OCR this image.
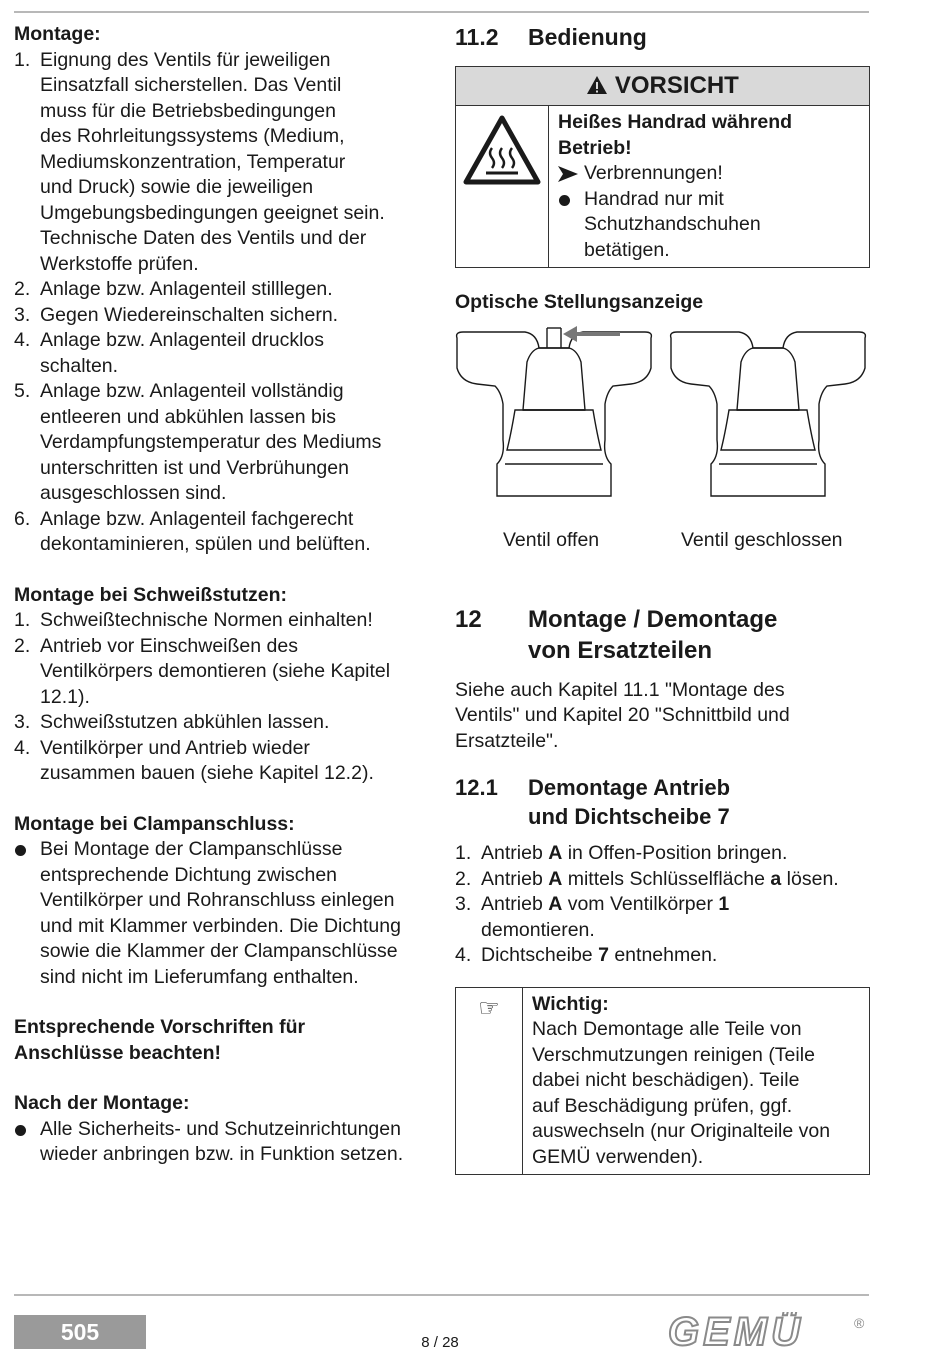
Montage:
1. Eignung des Ventils für jeweiligen
Einsatzfall sicherstellen. Das Ventil
muss für die Betriebsbedingungen
des Rohrleitungssystems (Medium,
Mediumskonzentration, Temperatur
und Druck) sowie die jeweiligen
Umgebungsbedingungen geeignet sein.
Technische Daten des Ventils und der
Werkstoffe prüfen.
2. Anlage bzw. Anlagenteil stilllegen.
3. Gegen Wiedereinschalten sichern.
4. Anlage bzw. Anlagenteil drucklos
schalten.
5. Anlage bzw. Anlagenteil vollständig
entleeren und abkühlen lassen bis
Verdampfungstemperatur des Mediums
unterschritten ist und Verbrühungen
ausgeschlossen sind.
6. Anlage bzw. Anlagenteil fachgerecht
dekontaminieren, spülen und belüften.
Montage bei Schweißstutzen:
1. Schweißtechnische Normen einhalten!
2. Antrieb vor Einschweißen des
Ventilkörpers demontieren (siehe Kapitel
12.1).
3. Schweißstutzen abkühlen lassen.
4. Ventilkörper und Antrieb wieder
zusammen bauen (siehe Kapitel 12.2).
Montage bei Clampanschluss:
Bei Montage der Clampanschlüsse
entsprechende Dichtung zwischen
Ventilkörper und Rohranschluss einlegen
und mit Klammer verbinden. Die Dichtung
sowie die Klammer der Clampanschlüsse
sind nicht im Lieferumfang enthalten.
Entsprechende Vorschriften für
Anschlüsse beachten!
Nach der Montage:
Alle Sicherheits- und Schutzeinrichtungen
wieder anbringen bzw. in Funktion setzen.
11.2 Bedienung
VORSICHT
Heißes Handrad während
Betrieb!
Verbrennungen!
Handrad nur mit
Schutzhandschuhen
betätigen.
Optische Stellungsanzeige
Ventil offen	Ventil geschlossen
12 Montage / Demontage
von Ersatzteilen
Siehe auch Kapitel 11.1 "Montage des
Ventils" und Kapitel 20 "Schnittbild und
Ersatzteile".
12.1 Demontage Antrieb
und Dichtscheibe 7
1. Antrieb A in Offen-Position bringen.
2. Antrieb A mittels Schlüsselfläche a lösen.
3. Antrieb A vom Ventilkörper 1
demontieren.
4. Dichtscheibe 7 entnehmen.
☞	Wichtig:
Nach Demontage alle Teile von
Verschmutzungen reinigen (Teile
dabei nicht beschädigen). Teile
auf Beschädigung prüfen, ggf.
auswechseln (nur Originalteile von
GEMÜ verwenden).
505	8 / 28	GEMÜ	®
